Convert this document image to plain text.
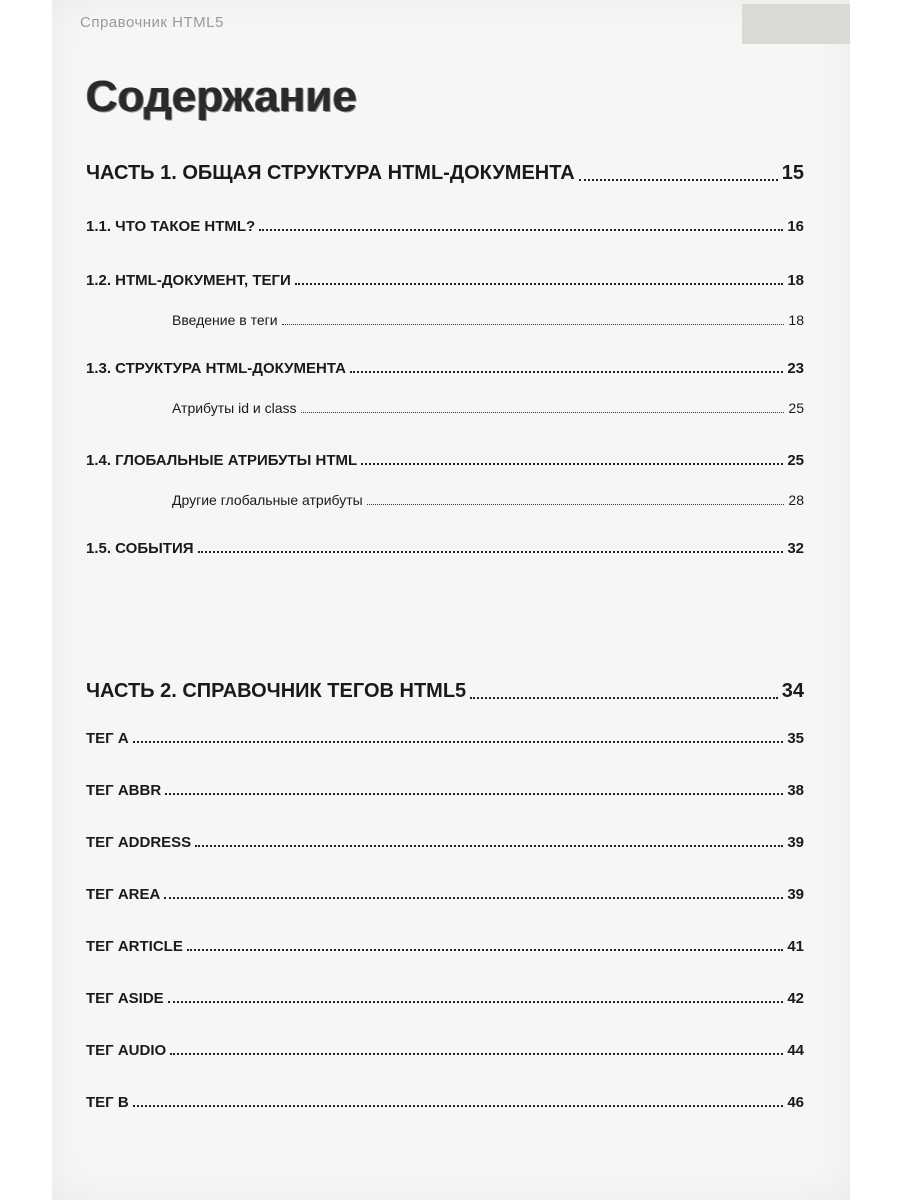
Справочник HTML5
Содержание
ЧАСТЬ 1. ОБЩАЯ СТРУКТУРА HTML-ДОКУМЕНТА	15
1.1. ЧТО ТАКОЕ HTML?	16
1.2. HTML-ДОКУМЕНТ, ТЕГИ	18
Введение в теги	18
1.3. СТРУКТУРА HTML-ДОКУМЕНТА	23
Атрибуты id и class	25
1.4. ГЛОБАЛЬНЫЕ АТРИБУТЫ HTML	25
Другие глобальные атрибуты	28
1.5. СОБЫТИЯ	32
ЧАСТЬ 2. СПРАВОЧНИК ТЕГОВ HTML5	34
ТЕГ A	35
ТЕГ ABBR	38
ТЕГ ADDRESS	39
ТЕГ AREA	39
ТЕГ ARTICLE	41
ТЕГ ASIDE	42
ТЕГ AUDIO	44
ТЕГ B	46
